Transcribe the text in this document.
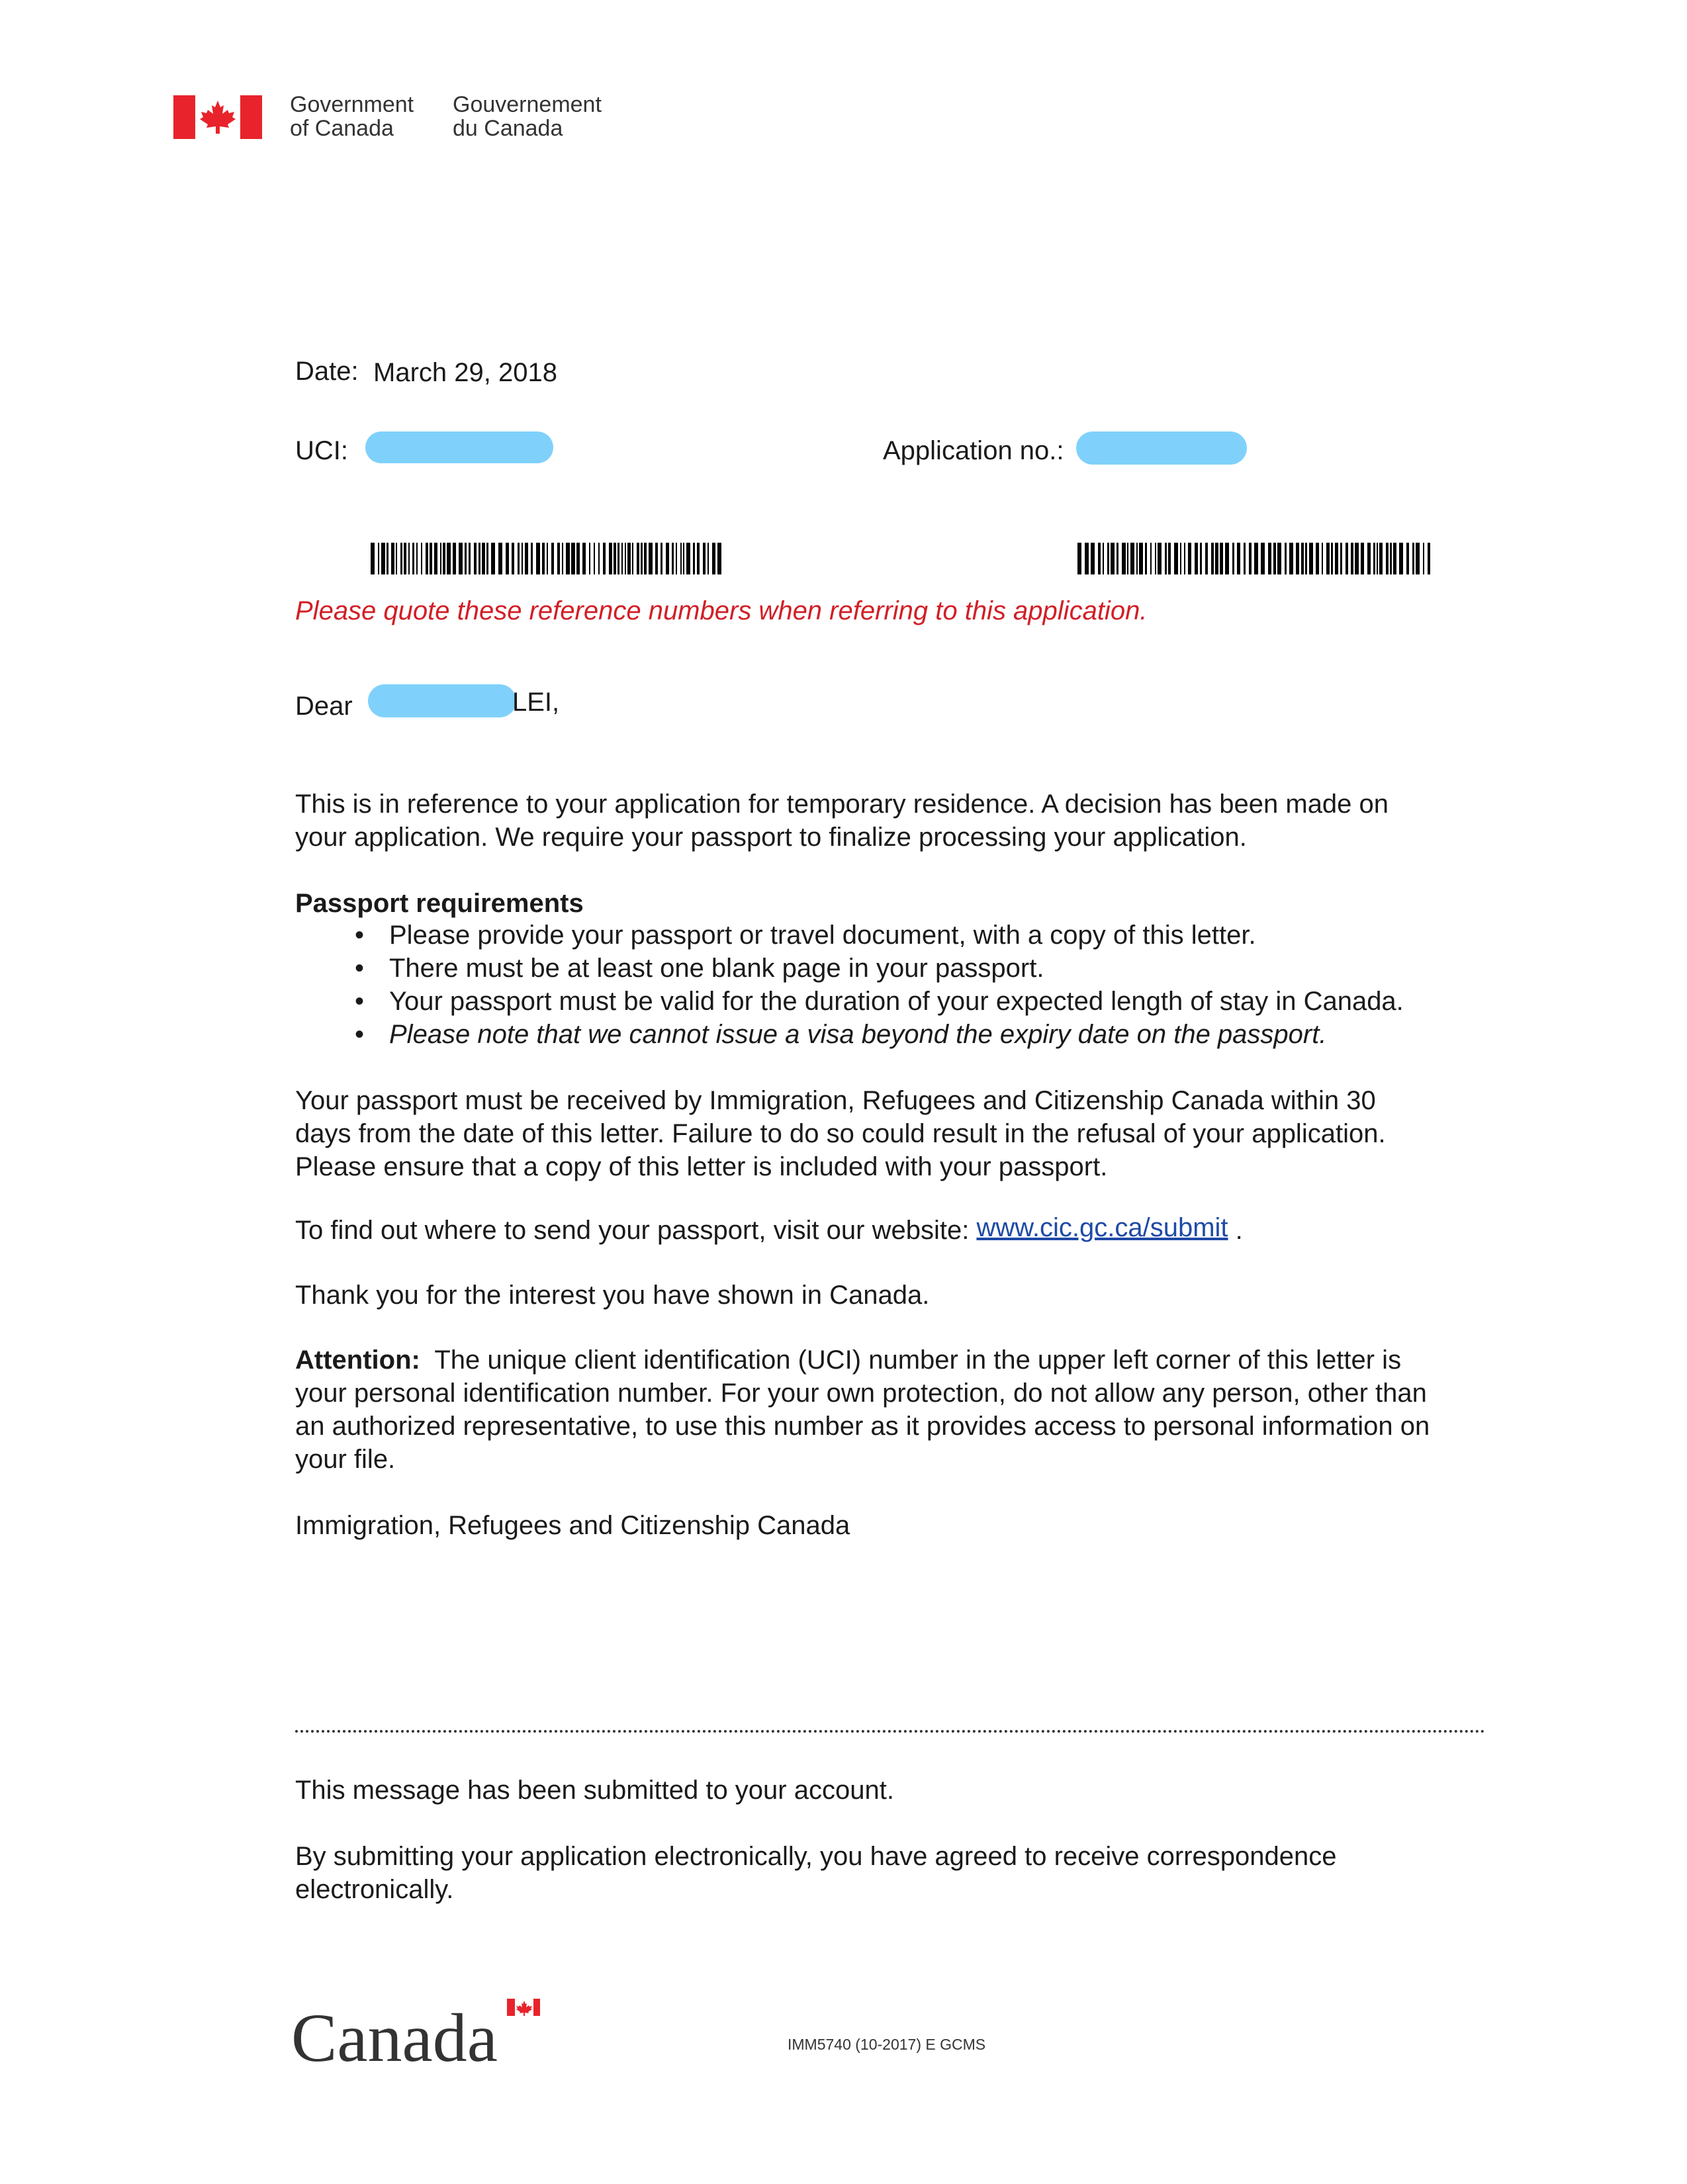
Government
of Canada
Gouvernement
du Canada
Date: March 29, 2018
UCI:	Application no.:
Please quote these reference numbers when referring to this application.
Dear	LEI,
This is in reference to your application for temporary residence. A decision has been made on
your application. We require your passport to finalize processing your application.
Passport requirements
• Please provide your passport or travel document, with a copy of this letter.
• There must be at least one blank page in your passport.
• Your passport must be valid for the duration of your expected length of stay in Canada.
• Please note that we cannot issue a visa beyond the expiry date on the passport.
Your passport must be received by Immigration, Refugees and Citizenship Canada within 30
days from the date of this letter. Failure to do so could result in the refusal of your application.
Please ensure that a copy of this letter is included with your passport.
To find out where to send your passport, visit our website: www.cic.gc.ca/submit .
Thank you for the interest you have shown in Canada.
Attention: The unique client identification (UCI) number in the upper left corner of this letter is
your personal identification number. For your own protection, do not allow any person, other than
an authorized representative, to use this number as it provides access to personal information on
your file.
Immigration, Refugees and Citizenship Canada
This message has been submitted to your account.
By submitting your application electronically, you have agreed to receive correspondence
electronically.
Canada	IMM5740 (10-2017) E GCMS
